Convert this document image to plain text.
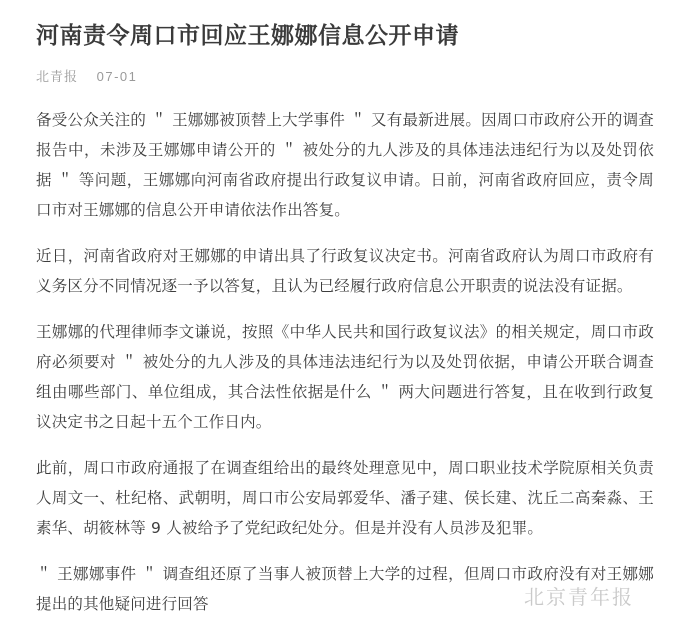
河南责令周口市回应王娜娜信息公开申请
北青报 07-01

备受公众关注的 ＂ 王娜娜被顶替上大学事件 ＂ 又有最新进展。因周口市政府公开的调查报告中，未涉及王娜娜申请公开的 ＂ 被处分的九人涉及的具体违法违纪行为以及处罚依据 ＂ 等问题，王娜娜向河南省政府提出行政复议申请。日前，河南省政府回应，责令周口市对王娜娜的信息公开申请依法作出答复。

近日，河南省政府对王娜娜的申请出具了行政复议决定书。河南省政府认为周口市政府有义务区分不同情况逐一予以答复，且认为已经履行政府信息公开职责的说法没有证据。

王娜娜的代理律师李文谦说，按照《中华人民共和国行政复议法》的相关规定，周口市政府必须要对 ＂ 被处分的九人涉及的具体违法违纪行为以及处罚依据，申请公开联合调查组由哪些部门、单位组成，其合法性依据是什么 ＂ 两大问题进行答复，且在收到行政复议决定书之日起十五个工作日内。

此前，周口市政府通报了在调查组给出的最终处理意见中，周口职业技术学院原相关负责人周文一、杜纪格、武朝明，周口市公安局郭爱华、潘子建、侯长建、沈丘二高秦淼、王素华、胡筱林等 9 人被给予了党纪政纪处分。但是并没有人员涉及犯罪。

＂ 王娜娜事件 ＂ 调查组还原了当事人被顶替上大学的过程，但周口市政府没有对王娜娜提出的其他疑问进行回答	北京青年报
